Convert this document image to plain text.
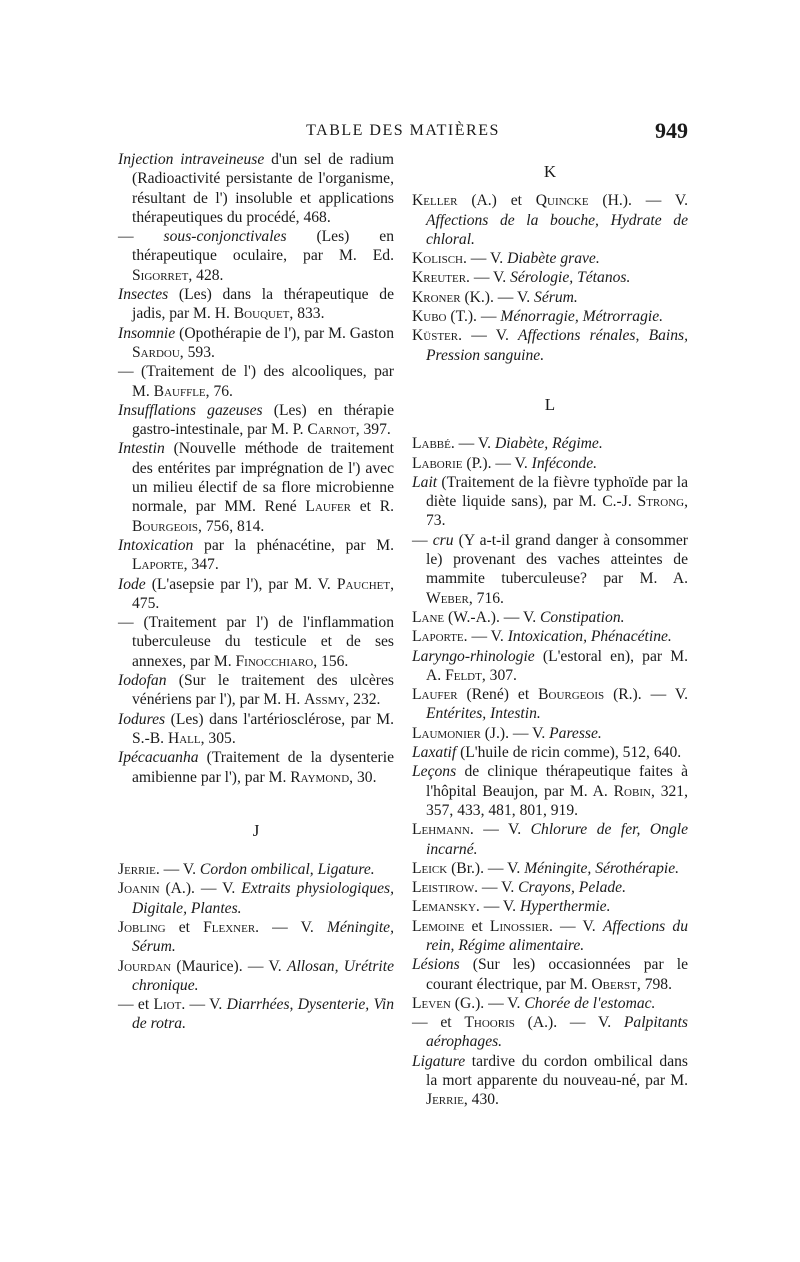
TABLE DES MATIÈRES	949

Injection intraveineuse d'un sel de radium (Radioactivité persistante de l'organisme, résultant de l') insoluble et applications thérapeutiques du procédé, 468.

— sous-conjonctivales (Les) en thérapeutique oculaire, par M. Ed. Sigorret, 428.

Insectes (Les) dans la thérapeutique de jadis, par M. H. Bouquet, 833.

Insomnie (Opothérapie de l'), par M. Gaston Sardou, 593.

— (Traitement de l') des alcooliques, par M. Bauffle, 76.

Insufflations gazeuses (Les) en thérapie gastro-intestinale, par M. P. Carnot, 397.

Intestin (Nouvelle méthode de traitement des entérites par imprégnation de l') avec un milieu électif de sa flore microbienne normale, par MM. René Laufer et R. Bourgeois, 756, 814.

Intoxication par la phénacétine, par M. Laporte, 347.

Iode (L'asepsie par l'), par M. V. Pauchet, 475.

— (Traitement par l') de l'inflammation tuberculeuse du testicule et de ses annexes, par M. Finocchiaro, 156.

Iodofan (Sur le traitement des ulcères vénériens par l'), par M. H. Assmy, 232.

Iodures (Les) dans l'artériosclérose, par M. S.-B. Hall, 305.

Ipécacuanha (Traitement de la dysenterie amibienne par l'), par M. Raymond, 30.

J

Jerrie. — V. Cordon ombilical, Ligature.

Joanin (A.). — V. Extraits physiologiques, Digitale, Plantes.

Jobling et Flexner. — V. Méningite, Sérum.

Jourdan (Maurice). — V. Allosan, Urétrite chronique.

— et Liot. — V. Diarrhées, Dysenterie, Vin de rotra.

K

Keller (A.) et Quincke (H.). — V. Affections de la bouche, Hydrate de chloral.

Kolisch. — V. Diabète grave.

Kreuter. — V. Sérologie, Tétanos.

Kroner (K.). — V. Sérum.

Kubo (T.). — Ménorragie, Métrorragie.

Küster. — V. Affections rénales, Bains, Pression sanguine.

L

Labbé. — V. Diabète, Régime.

Laborie (P.). — V. Inféconde.

Lait (Traitement de la fièvre typhoïde par la diète liquide sans), par M. C.-J. Strong, 73.

— cru (Y a-t-il grand danger à consommer le) provenant des vaches atteintes de mammite tuberculeuse? par M. A. Weber, 716.

Lane (W.-A.). — V. Constipation.

Laporte. — V. Intoxication, Phénacétine.

Laryngo-rhinologie (L'estoral en), par M. A. Feldt, 307.

Laufer (René) et Bourgeois (R.). — V. Entérites, Intestin.

Laumonier (J.). — V. Paresse.

Laxatif (L'huile de ricin comme), 512, 640.

Leçons de clinique thérapeutique faites à l'hôpital Beaujon, par M. A. Robin, 321, 357, 433, 481, 801, 919.

Lehmann. — V. Chlorure de fer, Ongle incarné.

Leick (Br.). — V. Méningite, Sérothérapie.

Leistirow. — V. Crayons, Pelade.

Lemansky. — V. Hyperthermie.

Lemoine et Linossier. — V. Affections du rein, Régime alimentaire.

Lésions (Sur les) occasionnées par le courant électrique, par M. Oberst, 798.

Leven (G.). — V. Chorée de l'estomac.

— et Thooris (A.). — V. Palpitants aérophages.

Ligature tardive du cordon ombilical dans la mort apparente du nouveau-né, par M. Jerrie, 430.
